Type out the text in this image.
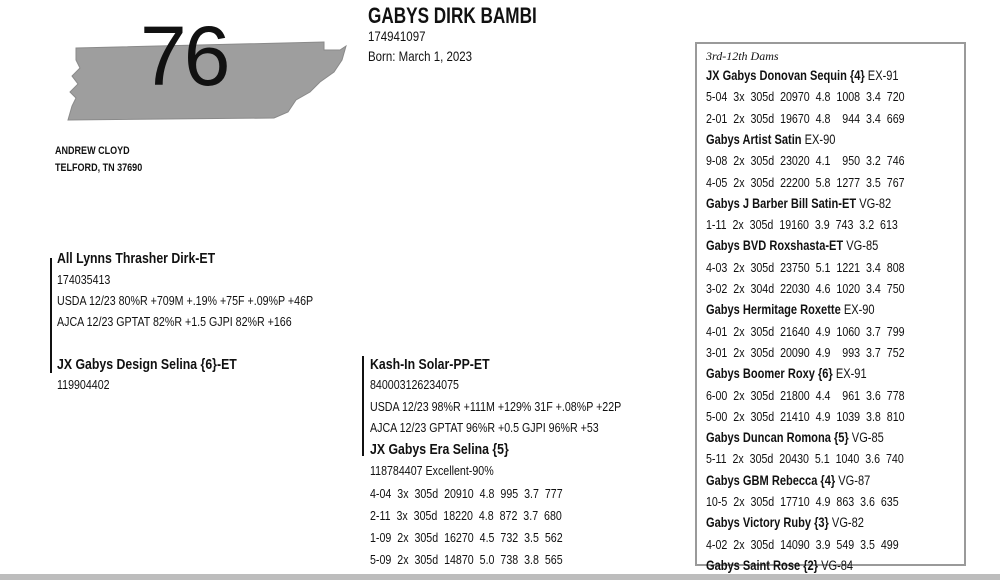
76	GABYS DIRK BAMBI
174941097
Born: March 1, 2023
ANDREW CLOYD
TELFORD, TN 37690
All Lynns Thrasher Dirk-ET
174035413
USDA 12/23 80%R +709M +.19% +75F +.09%P +46P
AJCA 12/23 GPTAT 82%R +1.5 GJPI 82%R +166
JX Gabys Design Selina {6}-ET
119904402
Kash-In Solar-PP-ET
840003126234075
USDA 12/23 98%R +111M +129% 31F +.08%P +22P
AJCA 12/23 GPTAT 96%R +0.5 GJPI 96%R +53
JX Gabys Era Selina {5}
118784407 Excellent-90%
4-04  3x  305d  20910  4.8  995  3.7  777
2-11  3x  305d  18220  4.8  872  3.7  680
1-09  2x  305d  16270  4.5  732  3.5  562
5-09  2x  305d  14870  5.0  738  3.8  565
3rd-12th Dams
JX Gabys Donovan Sequin {4} EX-91
5-04  3x  305d  20970  4.8  1008  3.4  720
2-01  2x  305d  19670  4.8    944  3.4  669
Gabys Artist Satin EX-90
9-08  2x  305d  23020  4.1    950  3.2  746
4-05  2x  305d  22200  5.8  1277  3.5  767
Gabys J Barber Bill Satin-ET VG-82
1-11  2x  305d  19160  3.9  743  3.2  613
Gabys BVD Roxshasta-ET VG-85
4-03  2x  305d  23750  5.1  1221  3.4  808
3-02  2x  304d  22030  4.6  1020  3.4  750
Gabys Hermitage Roxette EX-90
4-01  2x  305d  21640  4.9  1060  3.7  799
3-01  2x  305d  20090  4.9    993  3.7  752
Gabys Boomer Roxy {6} EX-91
6-00  2x  305d  21800  4.4    961  3.6  778
5-00  2x  305d  21410  4.9  1039  3.8  810
Gabys Duncan Romona {5} VG-85
5-11  2x  305d  20430  5.1  1040  3.6  740
Gabys GBM Rebecca {4} VG-87
10-5  2x  305d  17710  4.9  863  3.6  635
Gabys Victory Ruby {3} VG-82
4-02  2x  305d  14090  3.9  549  3.5  499
Gabys Saint Rose {2} VG-84
